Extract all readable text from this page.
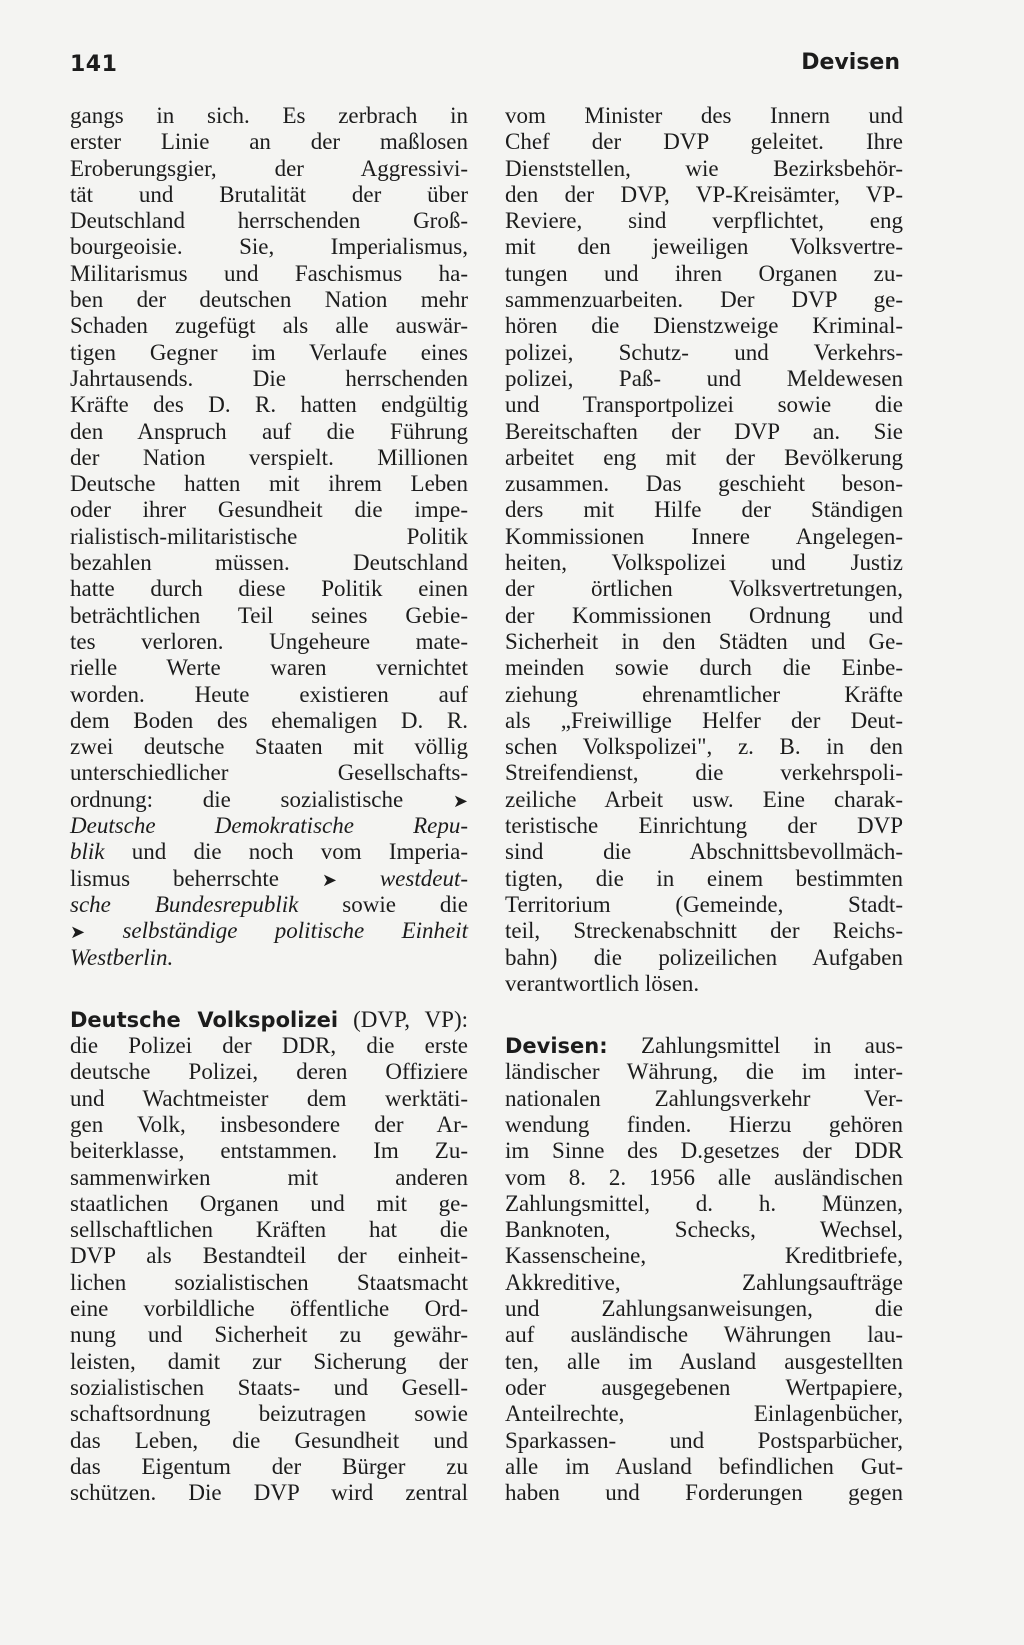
141	Devisen
gangs in sich. Es zerbrach in
erster Linie an der maßlosen
Eroberungsgier, der Aggressivi-
tät und Brutalität der über
Deutschland herrschenden Groß-
bourgeoisie. Sie, Imperialismus,
Militarismus und Faschismus ha-
ben der deutschen Nation mehr
Schaden zugefügt als alle auswär-
tigen Gegner im Verlaufe eines
Jahrtausends. Die herrschenden
Kräfte des D. R. hatten endgültig
den Anspruch auf die Führung
der Nation verspielt. Millionen
Deutsche hatten mit ihrem Leben
oder ihrer Gesundheit die impe-
rialistisch-militaristische Politik
bezahlen müssen. Deutschland
hatte durch diese Politik einen
beträchtlichen Teil seines Gebie-
tes verloren. Ungeheure mate-
rielle Werte waren vernichtet
worden. Heute existieren auf
dem Boden des ehemaligen D. R.
zwei deutsche Staaten mit völlig
unterschiedlicher Gesellschafts-
ordnung: die sozialistische	➤
Deutsche Demokratische Repu-
blik und die noch vom Imperia-
lismus beherrschte ➤ westdeut-
sche Bundesrepublik sowie die
➤ selbständige politische Einheit
Westberlin.
Deutsche Volkspolizei (DVP, VP):
die Polizei der DDR, die erste
deutsche Polizei, deren Offiziere
und Wachtmeister dem werktäti-
gen Volk, insbesondere der Ar-
beiterklasse, entstammen. Im Zu-
sammenwirken mit anderen
staatlichen Organen und mit ge-
sellschaftlichen Kräften hat die
DVP als Bestandteil der einheit-
lichen sozialistischen Staatsmacht
eine vorbildliche öffentliche Ord-
nung und Sicherheit zu gewähr-
leisten, damit zur Sicherung der
sozialistischen Staats- und Gesell-
schaftsordnung beizutragen sowie
das Leben, die Gesundheit und
das Eigentum der Bürger zu
schützen. Die DVP wird zentral
vom Minister des Innern und
Chef der DVP geleitet. Ihre
Dienststellen, wie Bezirksbehör-
den der DVP, VP-Kreisämter, VP-
Reviere, sind verpflichtet, eng
mit den jeweiligen Volksvertre-
tungen und ihren Organen zu-
sammenzuarbeiten. Der DVP ge-
hören die Dienstzweige Kriminal-
polizei, Schutz- und Verkehrs-
polizei, Paß- und Meldewesen
und Transportpolizei sowie die
Bereitschaften der DVP an. Sie
arbeitet eng mit der Bevölkerung
zusammen. Das geschieht beson-
ders mit Hilfe der Ständigen
Kommissionen Innere Angelegen-
heiten, Volkspolizei und Justiz
der örtlichen Volksvertretungen,
der Kommissionen Ordnung und
Sicherheit in den Städten und Ge-
meinden sowie durch die Einbe-
ziehung ehrenamtlicher Kräfte
als „Freiwillige Helfer der Deut-
schen Volkspolizei", z. B. in den
Streifendienst, die verkehrspoli-
zeiliche Arbeit usw. Eine charak-
teristische Einrichtung der DVP
sind die Abschnittsbevollmäch-
tigten, die in einem bestimmten
Territorium (Gemeinde, Stadt-
teil, Streckenabschnitt der Reichs-
bahn) die polizeilichen Aufgaben
verantwortlich lösen.
Devisen: Zahlungsmittel in aus-
ländischer Währung, die im inter-
nationalen Zahlungsverkehr Ver-
wendung finden. Hierzu gehören
im Sinne des D.gesetzes der DDR
vom 8. 2. 1956 alle ausländischen
Zahlungsmittel, d. h. Münzen,
Banknoten, Schecks, Wechsel,
Kassenscheine, Kreditbriefe,
Akkreditive, Zahlungsaufträge
und Zahlungsanweisungen, die
auf ausländische Währungen lau-
ten, alle im Ausland ausgestellten
oder ausgegebenen Wertpapiere,
Anteilrechte, Einlagenbücher,
Sparkassen- und Postsparbücher,
alle im Ausland befindlichen Gut-
haben und Forderungen gegen
